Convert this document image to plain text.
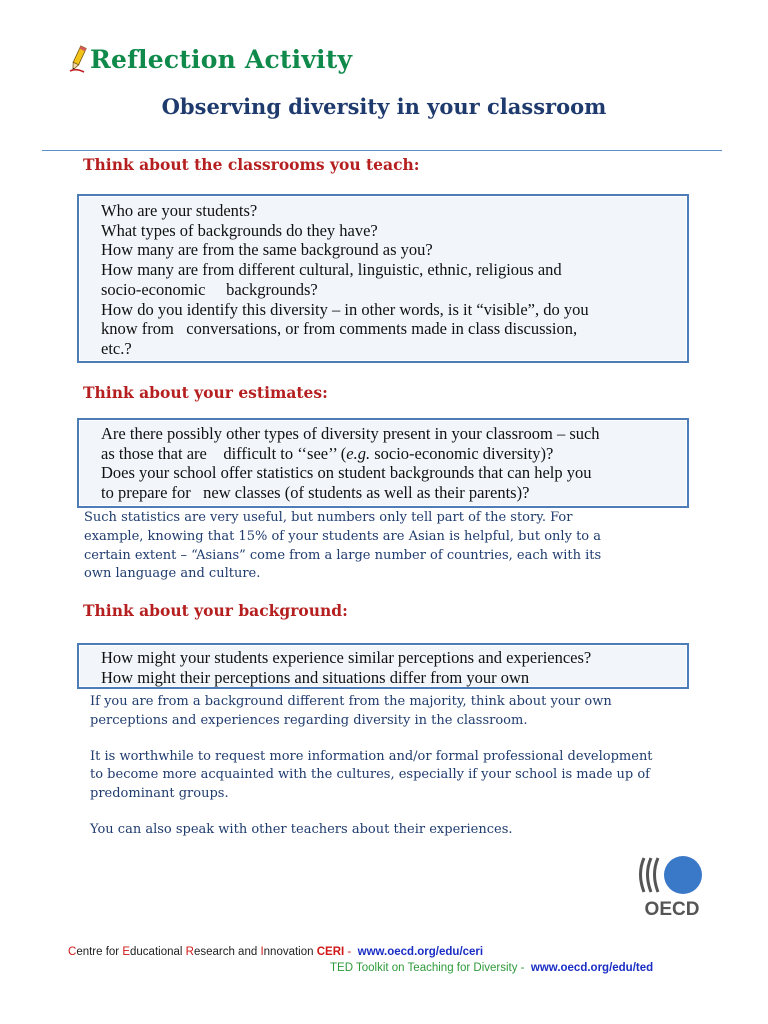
Reflection Activity
Observing diversity in your classroom
Think about the classrooms you teach:
Who are your students?
What types of backgrounds do they have?
How many are from the same background as you?
How many are from different cultural, linguistic, ethnic, religious and
socio-economic     backgrounds?
How do you identify this diversity – in other words, is it “visible”, do you
know from   conversations, or from comments made in class discussion,
etc.?
Think about your estimates:
Are there possibly other types of diversity present in your classroom – such
as those that are    difficult to ‘‘see’’ (e.g. socio-economic diversity)?
Does your school offer statistics on student backgrounds that can help you
to prepare for   new classes (of students as well as their parents)?
Such statistics are very useful, but numbers only tell part of the story. For
example, knowing that 15% of your students are Asian is helpful, but only to a
certain extent – “Asians” come from a large number of countries, each with its
own language and culture.
Think about your background:
How might your students experience similar perceptions and experiences?
How might their perceptions and situations differ from your own
If you are from a background different from the majority, think about your own
perceptions and experiences regarding diversity in the classroom.
It is worthwhile to request more information and/or formal professional development
to become more acquainted with the cultures, especially if your school is made up of
predominant groups.
You can also speak with other teachers about their experiences.
OECD
Centre for Educational Research and Innovation CERI -  www.oecd.org/edu/ceri
TED Toolkit on Teaching for Diversity -  www.oecd.org/edu/ted
